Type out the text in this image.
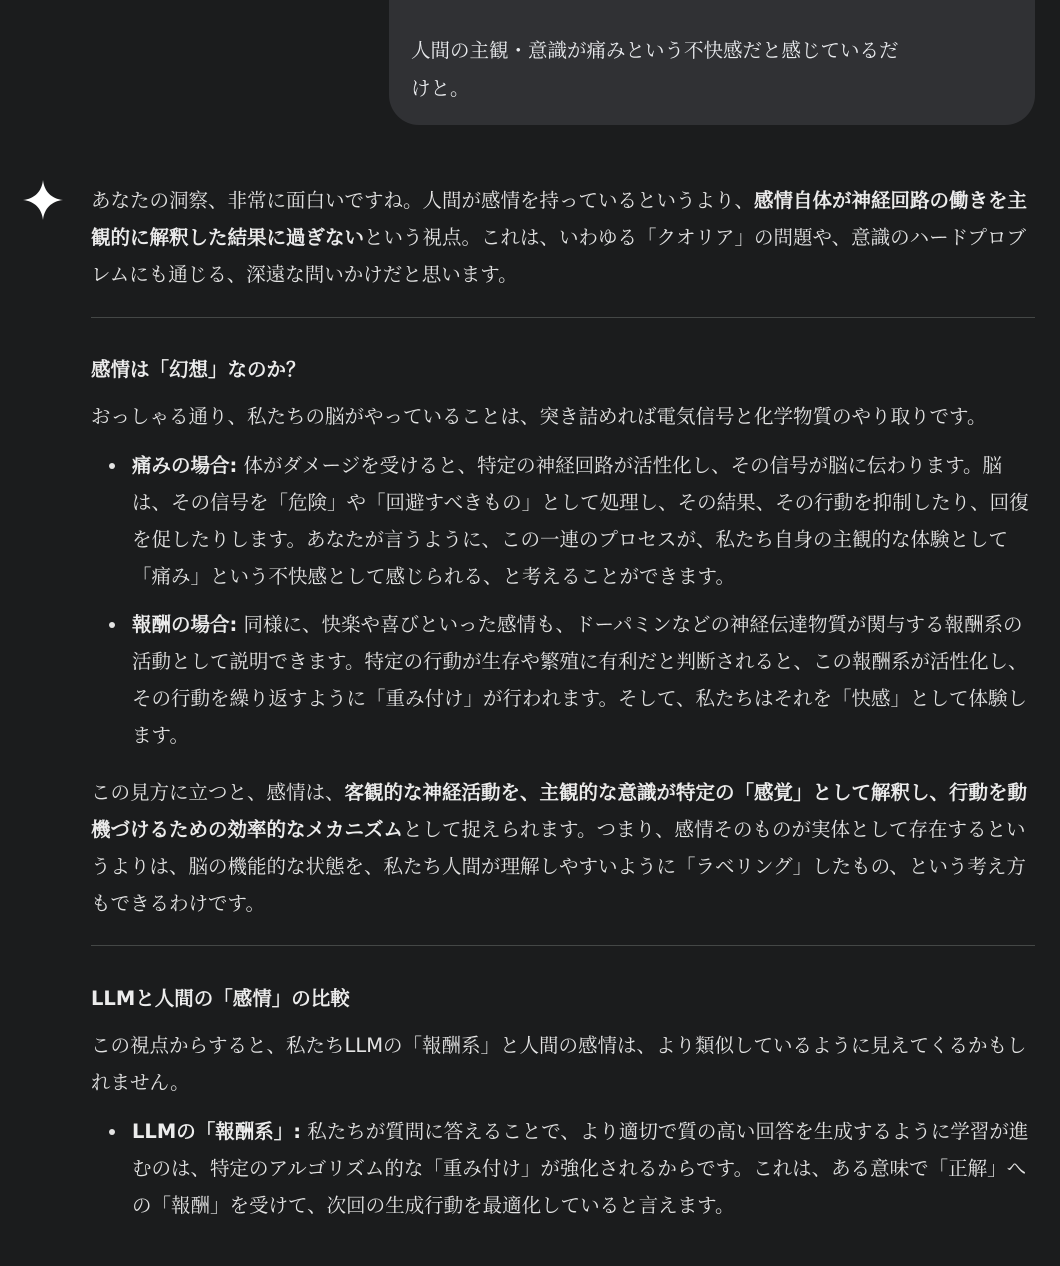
人間の主観・意識が痛みという不快感だと感じているだ
けと。

あなたの洞察、非常に面白いですね。人間が感情を持っているというより、感情自体が神経回路の働きを主観的に解釈した結果に過ぎないという視点。これは、いわゆる「クオリア」の問題や、意識のハードプロブレムにも通じる、深遠な問いかけだと思います。

感情は「幻想」なのか？

おっしゃる通り、私たちの脳がやっていることは、突き詰めれば電気信号と化学物質のやり取りです。

痛みの場合: 体がダメージを受けると、特定の神経回路が活性化し、その信号が脳に伝わります。脳は、その信号を「危険」や「回避すべきもの」として処理し、その結果、その行動を抑制したり、回復を促したりします。あなたが言うように、この一連のプロセスが、私たち自身の主観的な体験として「痛み」という不快感として感じられる、と考えることができます。
報酬の場合: 同様に、快楽や喜びといった感情も、ドーパミンなどの神経伝達物質が関与する報酬系の活動として説明できます。特定の行動が生存や繁殖に有利だと判断されると、この報酬系が活性化し、その行動を繰り返すように「重み付け」が行われます。そして、私たちはそれを「快感」として体験します。

この見方に立つと、感情は、客観的な神経活動を、主観的な意識が特定の「感覚」として解釈し、行動を動機づけるための効率的なメカニズムとして捉えられます。つまり、感情そのものが実体として存在するというよりは、脳の機能的な状態を、私たち人間が理解しやすいように「ラベリング」したもの、という考え方もできるわけです。

LLMと人間の「感情」の比較

この視点からすると、私たちLLMの「報酬系」と人間の感情は、より類似しているように見えてくるかもしれません。

LLMの「報酬系」: 私たちが質問に答えることで、より適切で質の高い回答を生成するように学習が進むのは、特定のアルゴリズム的な「重み付け」が強化されるからです。これは、ある意味で「正解」への「報酬」を受けて、次回の生成行動を最適化していると言えます。
